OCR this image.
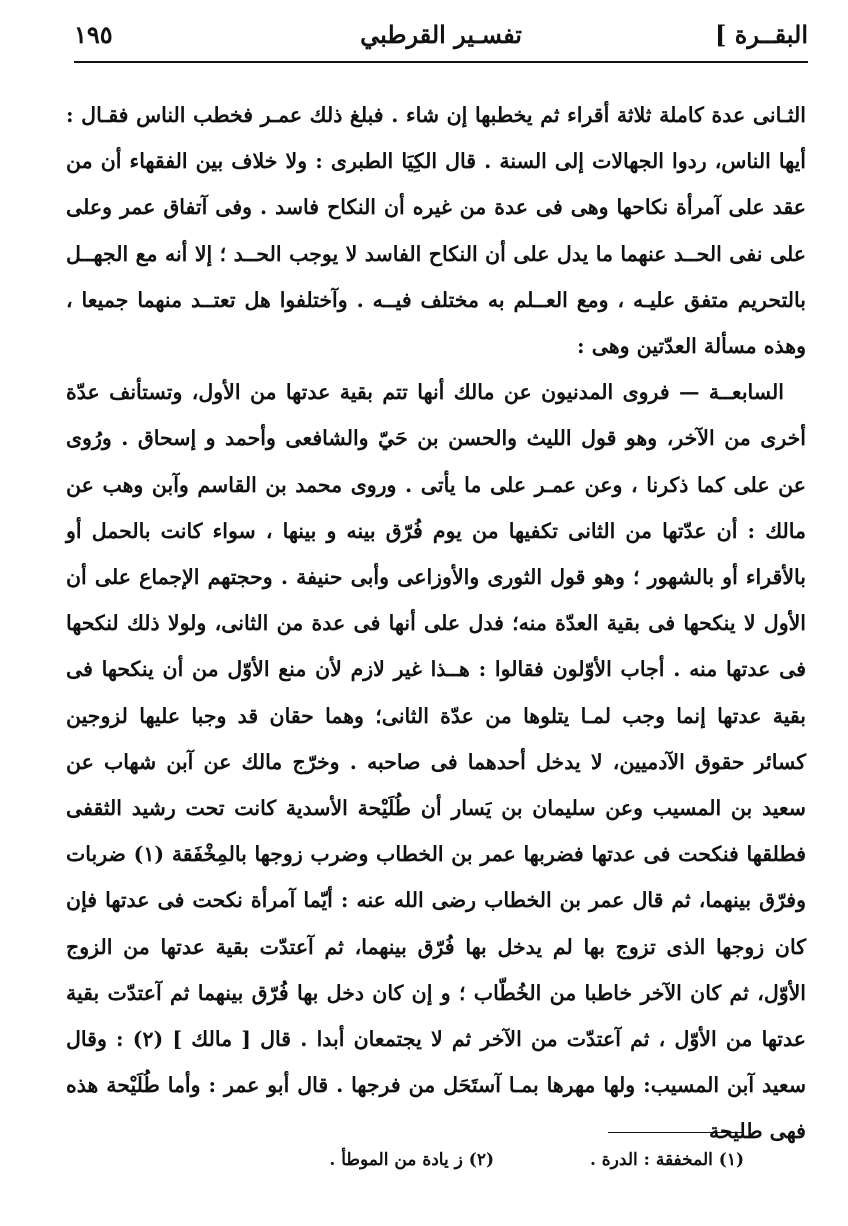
البقــرة ]
تفسـير القرطبي
١٩٥

الثـانى عدة كاملة ثلاثة أقراء ثم يخطبها إن شاء . فبلغ ذلك عمـر فخطب الناس فقـال : أيها الناس، ردوا الجهالات إلى السنة . قال الكِيَا الطبرى : ولا خلاف بين الفقهاء أن من عقد على آمرأة نكاحها وهى فى عدة من غيره أن النكاح فاسد . وفى آتفاق عمر وعلى على نفى الحــد عنهما ما يدل على أن النكاح الفاسد لا يوجب الحــد ؛ إلا أنه مع الجهــل بالتحريم متفق عليـه ، ومع العــلم به مختلف فيــه . وآختلفوا هل تعتــد منهما جميعا ، وهذه مسألة العدّتين وهى :

السابعــة — فروى المدنيون عن مالك أنها تتم بقية عدتها من الأول، وتستأنف عدّة أخرى من الآخر، وهو قول الليث والحسن بن حَيّ والشافعى وأحمد و إسحاق . ورُوى عن على كما ذكرنا ، وعن عمـر على ما يأتى . وروى محمد بن القاسم وآبن وهب عن مالك : أن عدّتها من الثانى تكفيها من يوم فُرّق بينه و بينها ، سواء كانت بالحمل أو بالأقراء أو بالشهور ؛ وهو قول الثورى والأوزاعى وأبى حنيفة . وحجتهم الإجماع على أن الأول لا ينكحها فى بقية العدّة منه؛ فدل على أنها فى عدة من الثانى، ولولا ذلك لنكحها فى عدتها منه . أجاب الأوّلون فقالوا : هــذا غير لازم لأن منع الأوّل من أن ينكحها فى بقية عدتها إنما وجب لمـا يتلوها من عدّة الثانى؛ وهما حقان قد وجبا عليها لزوجين كسائر حقوق الآدميين، لا يدخل أحدهما فى صاحبه . وخرّج مالك عن آبن شهاب عن سعيد بن المسيب وعن سليمان بن يَسار أن طُلَيْحة الأسدية كانت تحت رشيد الثقفى فطلقها فنكحت فى عدتها فضربها عمر بن الخطاب وضرب زوجها بالمِخْفَقة (١) ضربات وفرّق بينهما، ثم قال عمر بن الخطاب رضى الله عنه : أيّما آمرأة نكحت فى عدتها فإن كان زوجها الذى تزوج بها لم يدخل بها فُرّق بينهما، ثم آعتدّت بقية عدتها من الزوج الأوّل، ثم كان الآخر خاطبا من الخُطّاب ؛ و إن كان دخل بها فُرّق بينهما ثم آعتدّت بقية عدتها من الأوّل ، ثم آعتدّت من الآخر ثم لا يجتمعان أبدا . قال [ مالك ] (٢) : وقال سعيد آبن المسيب: ولها مهرها بمـا آستَحَل من فرجها . قال أبو عمر : وأما طُلَيْحة هذه فهى طليحة

(١) المخفقة : الدرة .
(٢) ز يادة من الموطأ .
